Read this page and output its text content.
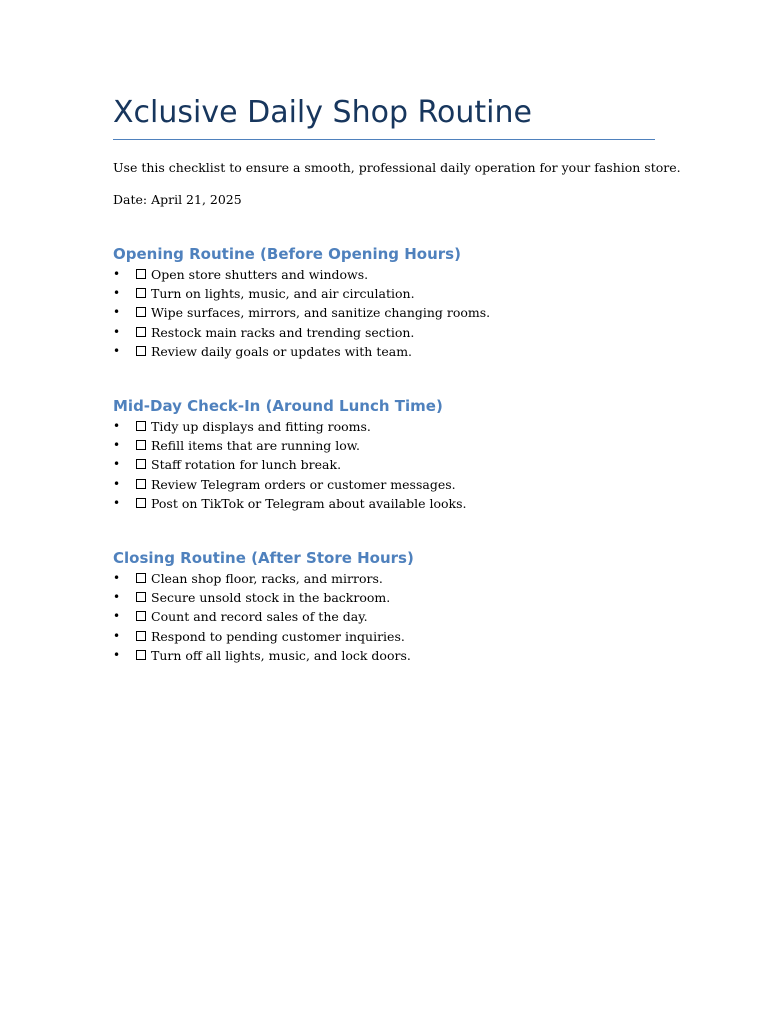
Xclusive Daily Shop Routine

Use this checklist to ensure a smooth, professional daily operation for your fashion store.

Date: April 21, 2025

Opening Routine (Before Opening Hours)
• Open store shutters and windows.
• Turn on lights, music, and air circulation.
• Wipe surfaces, mirrors, and sanitize changing rooms.
• Restock main racks and trending section.
• Review daily goals or updates with team.
Mid-Day Check-In (Around Lunch Time)
• Tidy up displays and fitting rooms.
• Refill items that are running low.
• Staff rotation for lunch break.
• Review Telegram orders or customer messages.
• Post on TikTok or Telegram about available looks.
Closing Routine (After Store Hours)
• Clean shop floor, racks, and mirrors.
• Secure unsold stock in the backroom.
• Count and record sales of the day.
• Respond to pending customer inquiries.
• Turn off all lights, music, and lock doors.
